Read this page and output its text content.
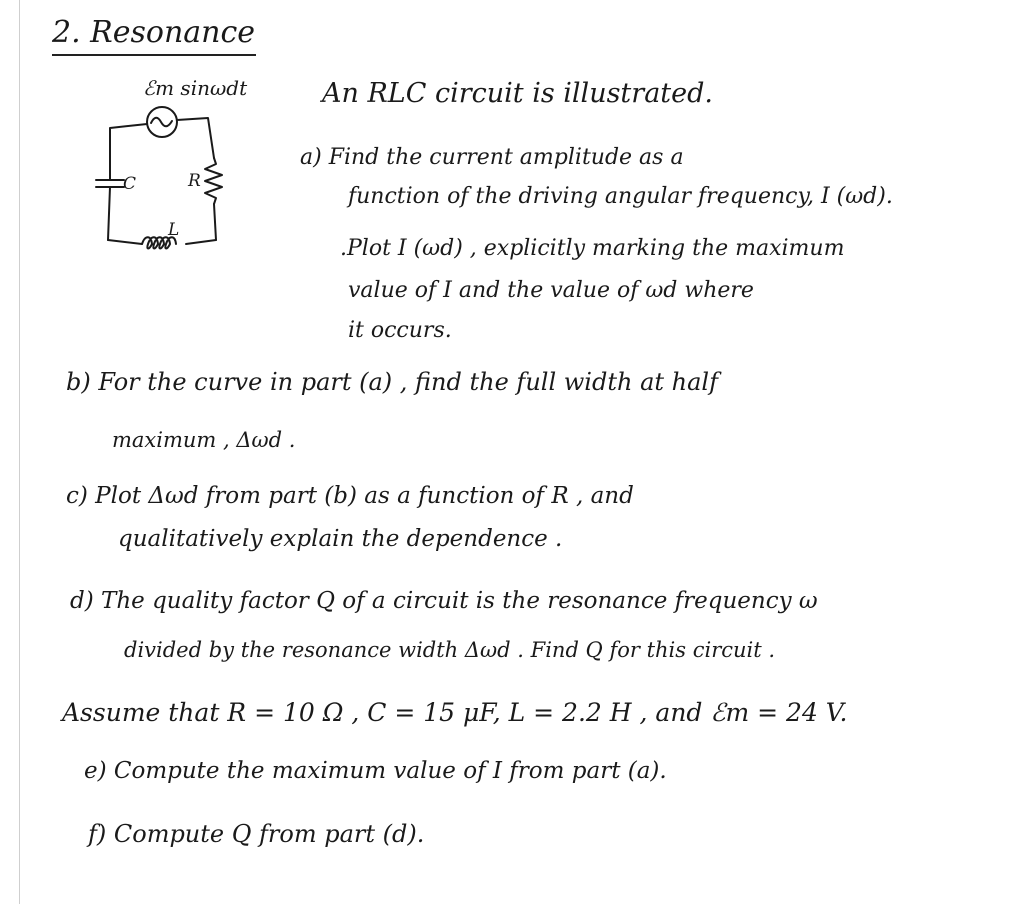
2. Resonance
ℰm sinωdt
C	R
L
An RLC circuit is illustrated.
a) Find the current amplitude as a
function of the driving angular frequency, I (ωd).
.Plot I (ωd) , explicitly marking the maximum
value of I and the value of ωd where
it occurs.
b) For the curve in part (a) , find the full width at half
maximum , Δωd .
c) Plot Δωd from part (b) as a function of R , and
qualitatively explain the dependence .
d) The quality factor Q of a circuit is the resonance frequency ω
divided by the resonance width Δωd . Find Q for this circuit .
Assume that R = 10 Ω , C = 15 μF, L = 2.2 H , and ℰm = 24 V.
e) Compute the maximum value of I from part (a).
f) Compute Q from part (d).
